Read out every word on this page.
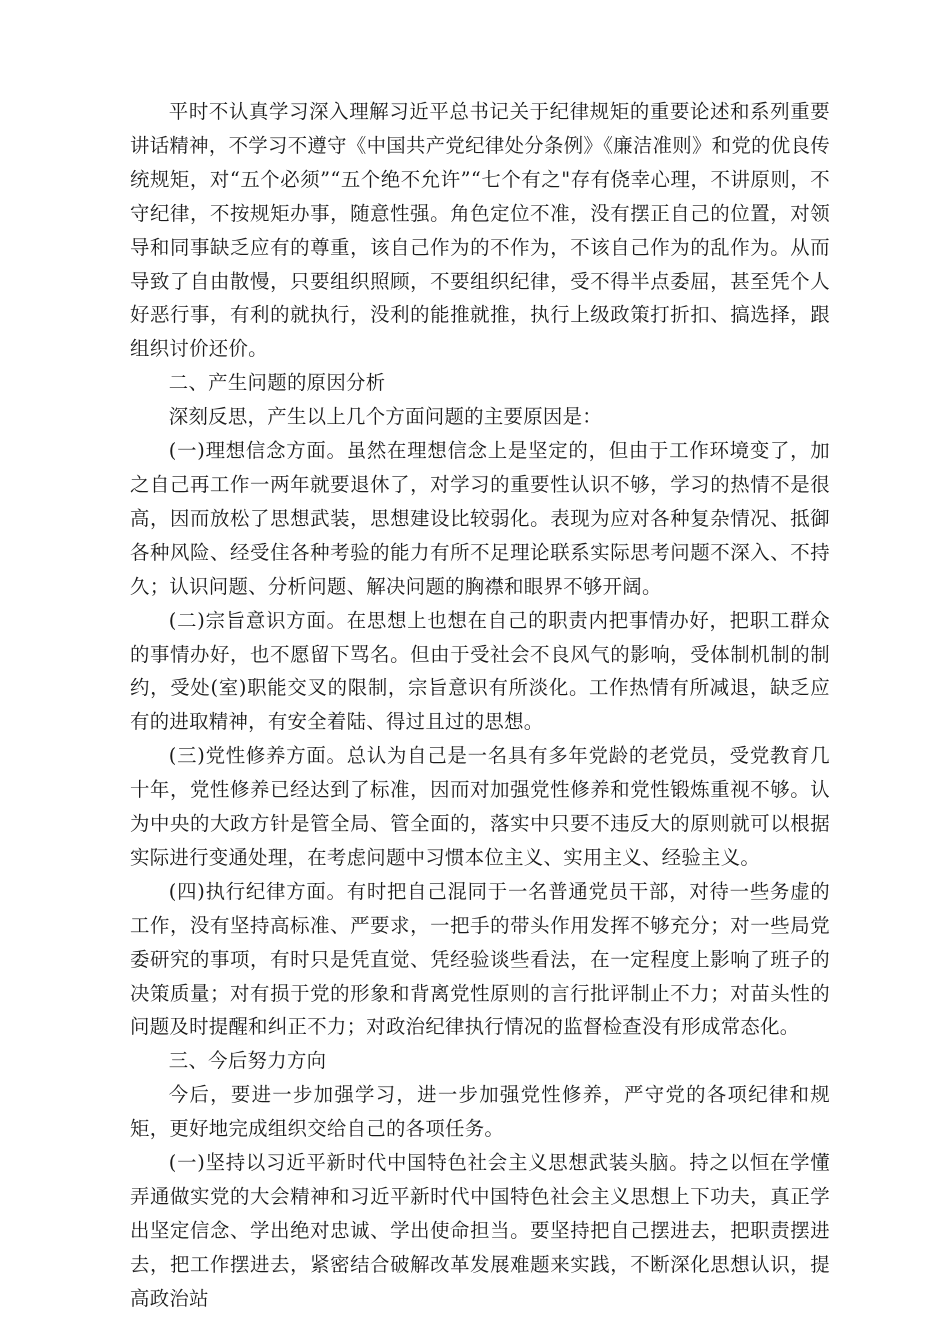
平时不认真学习深入理解习近平总书记关于纪律规矩的重要论述和系列重要讲话精神，不学习不遵守《中国共产党纪律处分条例》《廉洁准则》和党的优良传统规矩，对“五个必须”“五个绝不允许”“七个有之"存有侥幸心理，不讲原则，不守纪律，不按规矩办事，随意性强。角色定位不准，没有摆正自己的位置，对领导和同事缺乏应有的尊重，该自己作为的不作为，不该自己作为的乱作为。从而导致了自由散慢，只要组织照顾，不要组织纪律，受不得半点委屈，甚至凭个人好恶行事，有利的就执行，没利的能推就推，执行上级政策打折扣、搞选择，跟组织讨价还价。

二、产生问题的原因分析

深刻反思，产生以上几个方面问题的主要原因是：

(一)理想信念方面。虽然在理想信念上是坚定的，但由于工作环境变了，加之自己再工作一两年就要退休了，对学习的重要性认识不够，学习的热情不是很高，因而放松了思想武装，思想建设比较弱化。表现为应对各种复杂情况、抵御各种风险、经受住各种考验的能力有所不足理论联系实际思考问题不深入、不持久；认识问题、分析问题、解决问题的胸襟和眼界不够开阔。

(二)宗旨意识方面。在思想上也想在自己的职责内把事情办好，把职工群众的事情办好，也不愿留下骂名。但由于受社会不良风气的影响，受体制机制的制约，受处(室)职能交叉的限制，宗旨意识有所淡化。工作热情有所减退，缺乏应有的进取精神，有安全着陆、得过且过的思想。

(三)党性修养方面。总认为自己是一名具有多年党龄的老党员，受党教育几十年，党性修养已经达到了标准，因而对加强党性修养和党性锻炼重视不够。认为中央的大政方针是管全局、管全面的，落实中只要不违反大的原则就可以根据实际进行变通处理，在考虑问题中习惯本位主义、实用主义、经验主义。

(四)执行纪律方面。有时把自己混同于一名普通党员干部，对待一些务虚的工作，没有坚持高标准、严要求，一把手的带头作用发挥不够充分；对一些局党委研究的事项，有时只是凭直觉、凭经验谈些看法，在一定程度上影响了班子的决策质量；对有损于党的形象和背离党性原则的言行批评制止不力；对苗头性的问题及时提醒和纠正不力；对政治纪律执行情况的监督检查没有形成常态化。

三、今后努力方向

今后，要进一步加强学习，进一步加强党性修养，严守党的各项纪律和规矩，更好地完成组织交给自己的各项任务。

(一)坚持以习近平新时代中国特色社会主义思想武装头脑。持之以恒在学懂弄通做实党的大会精神和习近平新时代中国特色社会主义思想上下功夫，真正学出坚定信念、学出绝对忠诚、学出使命担当。要坚持把自己摆进去，把职责摆进去，把工作摆进去，紧密结合破解改革发展难题来实践，不断深化思想认识，提高政治站
